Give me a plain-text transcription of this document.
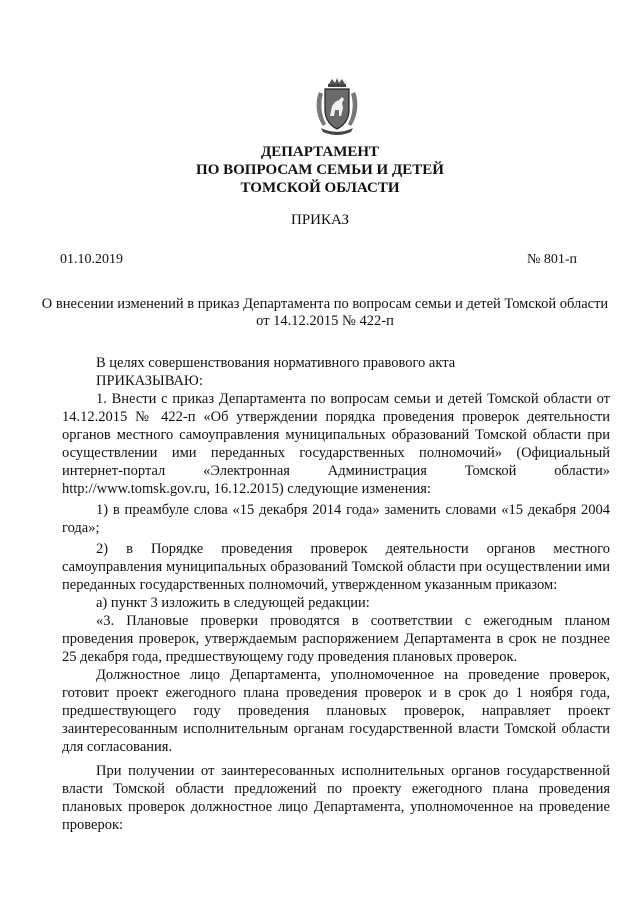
ДЕПАРТАМЕНТ
ПО ВОПРОСАМ СЕМЬИ И ДЕТЕЙ
ТОМСКОЙ ОБЛАСТИ
ПРИКАЗ
01.10.2019	№ 801-п
О внесении изменений в приказ Департамента по вопросам семьи и детей Томской области
от 14.12.2015 № 422-п

В целях совершенствования нормативного правового акта

ПРИКАЗЫВАЮ:

1. Внести с приказ Департамента по вопросам семьи и детей Томской области от 14.12.2015 № 422-п «Об утверждении порядка проведения проверок деятельности органов местного самоуправления муниципальных образований Томской области при осуществлении ими переданных государственных полномочий» (Официальный интернет-портал «Электронная Администрация Томской области» http://www.tomsk.gov.ru, 16.12.2015) следующие изменения:

1) в преамбуле слова «15 декабря 2014 года» заменить словами «15 декабря 2004 года»;

2) в Порядке проведения проверок деятельности органов местного самоуправления муниципальных образований Томской области при осуществлении ими переданных государственных полномочий, утвержденном указанным приказом:

а) пункт 3 изложить в следующей редакции:

«3. Плановые проверки проводятся в соответствии с ежегодным планом проведения проверок, утверждаемым распоряжением Департамента в срок не позднее 25 декабря года, предшествующему году проведения плановых проверок.

Должностное лицо Департамента, уполномоченное на проведение проверок, готовит проект ежегодного плана проведения проверок и в срок до 1 ноября года, предшествующего году проведения плановых проверок, направляет проект заинтересованным исполнительным органам государственной власти Томской области для согласования.

При получении от заинтересованных исполнительных органов государственной власти Томской области предложений по проекту ежегодного плана проведения плановых проверок должностное лицо Департамента, уполномоченное на проведение проверок:
